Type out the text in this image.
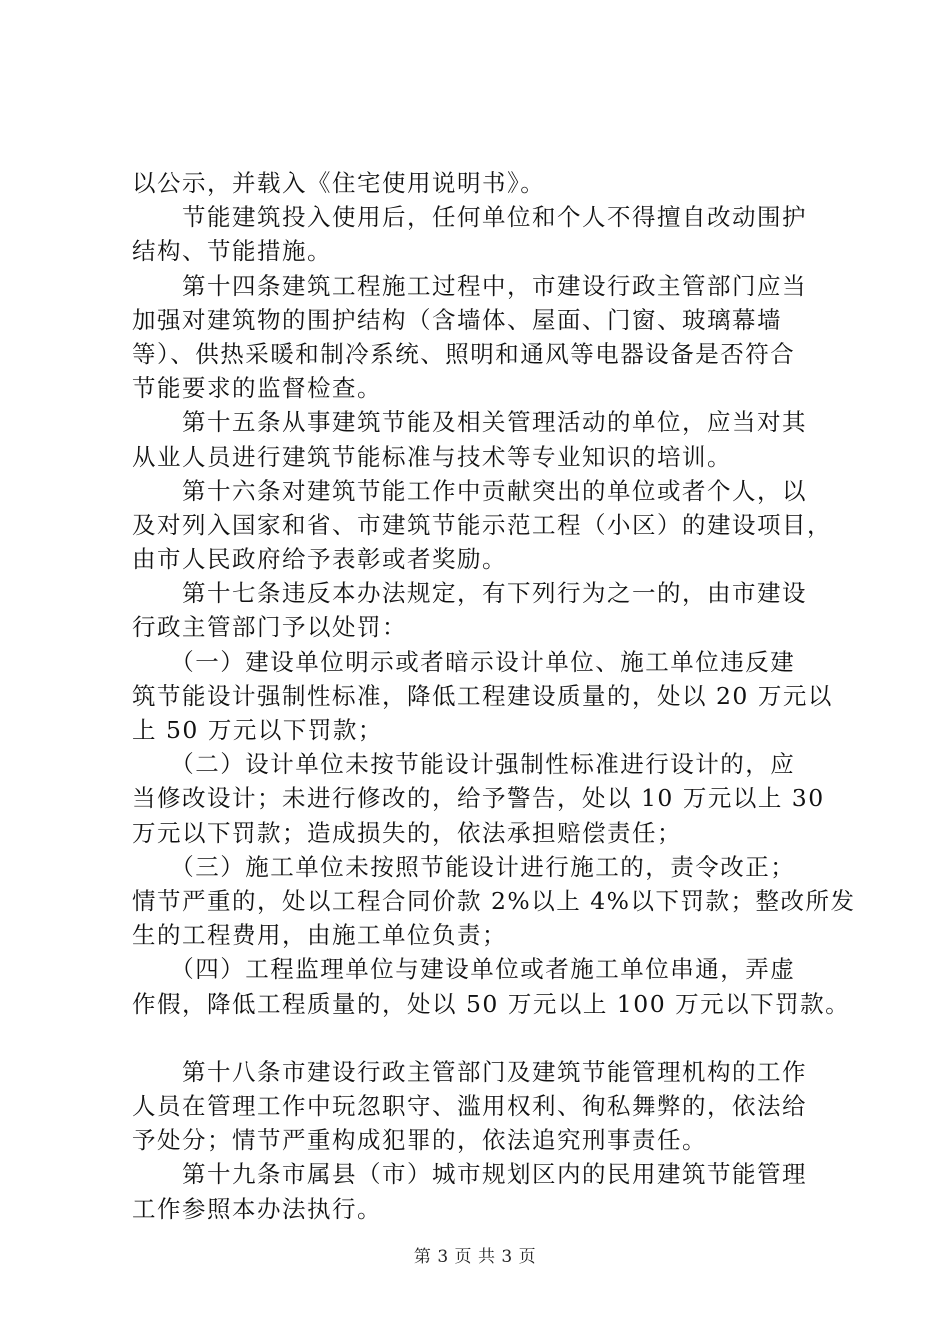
以公示，并载入《住宅使用说明书》。
　　节能建筑投入使用后，任何单位和个人不得擅自改动围护
结构、节能措施。
　　第十四条建筑工程施工过程中，市建设行政主管部门应当
加强对建筑物的围护结构（含墙体、屋面、门窗、玻璃幕墙
等）、供热采暖和制冷系统、照明和通风等电器设备是否符合
节能要求的监督检查。
　　第十五条从事建筑节能及相关管理活动的单位，应当对其
从业人员进行建筑节能标准与技术等专业知识的培训。
　　第十六条对建筑节能工作中贡献突出的单位或者个人，以
及对列入国家和省、市建筑节能示范工程（小区）的建设项目，
由市人民政府给予表彰或者奖励。
　　第十七条违反本办法规定，有下列行为之一的，由市建设
行政主管部门予以处罚：
　　（一）建设单位明示或者暗示设计单位、施工单位违反建
筑节能设计强制性标准，降低工程建设质量的，处以 20 万元以
上 50 万元以下罚款；
　　（二）设计单位未按节能设计强制性标准进行设计的，应
当修改设计；未进行修改的，给予警告，处以 10 万元以上 30
万元以下罚款；造成损失的，依法承担赔偿责任；
　　（三）施工单位未按照节能设计进行施工的，责令改正；
情节严重的，处以工程合同价款 2%以上 4%以下罚款；整改所发
生的工程费用，由施工单位负责；
　　（四）工程监理单位与建设单位或者施工单位串通，弄虚
作假，降低工程质量的，处以 50 万元以上 100 万元以下罚款。
　　第十八条市建设行政主管部门及建筑节能管理机构的工作
人员在管理工作中玩忽职守、滥用权利、徇私舞弊的，依法给
予处分；情节严重构成犯罪的，依法追究刑事责任。
　　第十九条市属县（市）城市规划区内的民用建筑节能管理
工作参照本办法执行。
第 3 页 共 3 页
